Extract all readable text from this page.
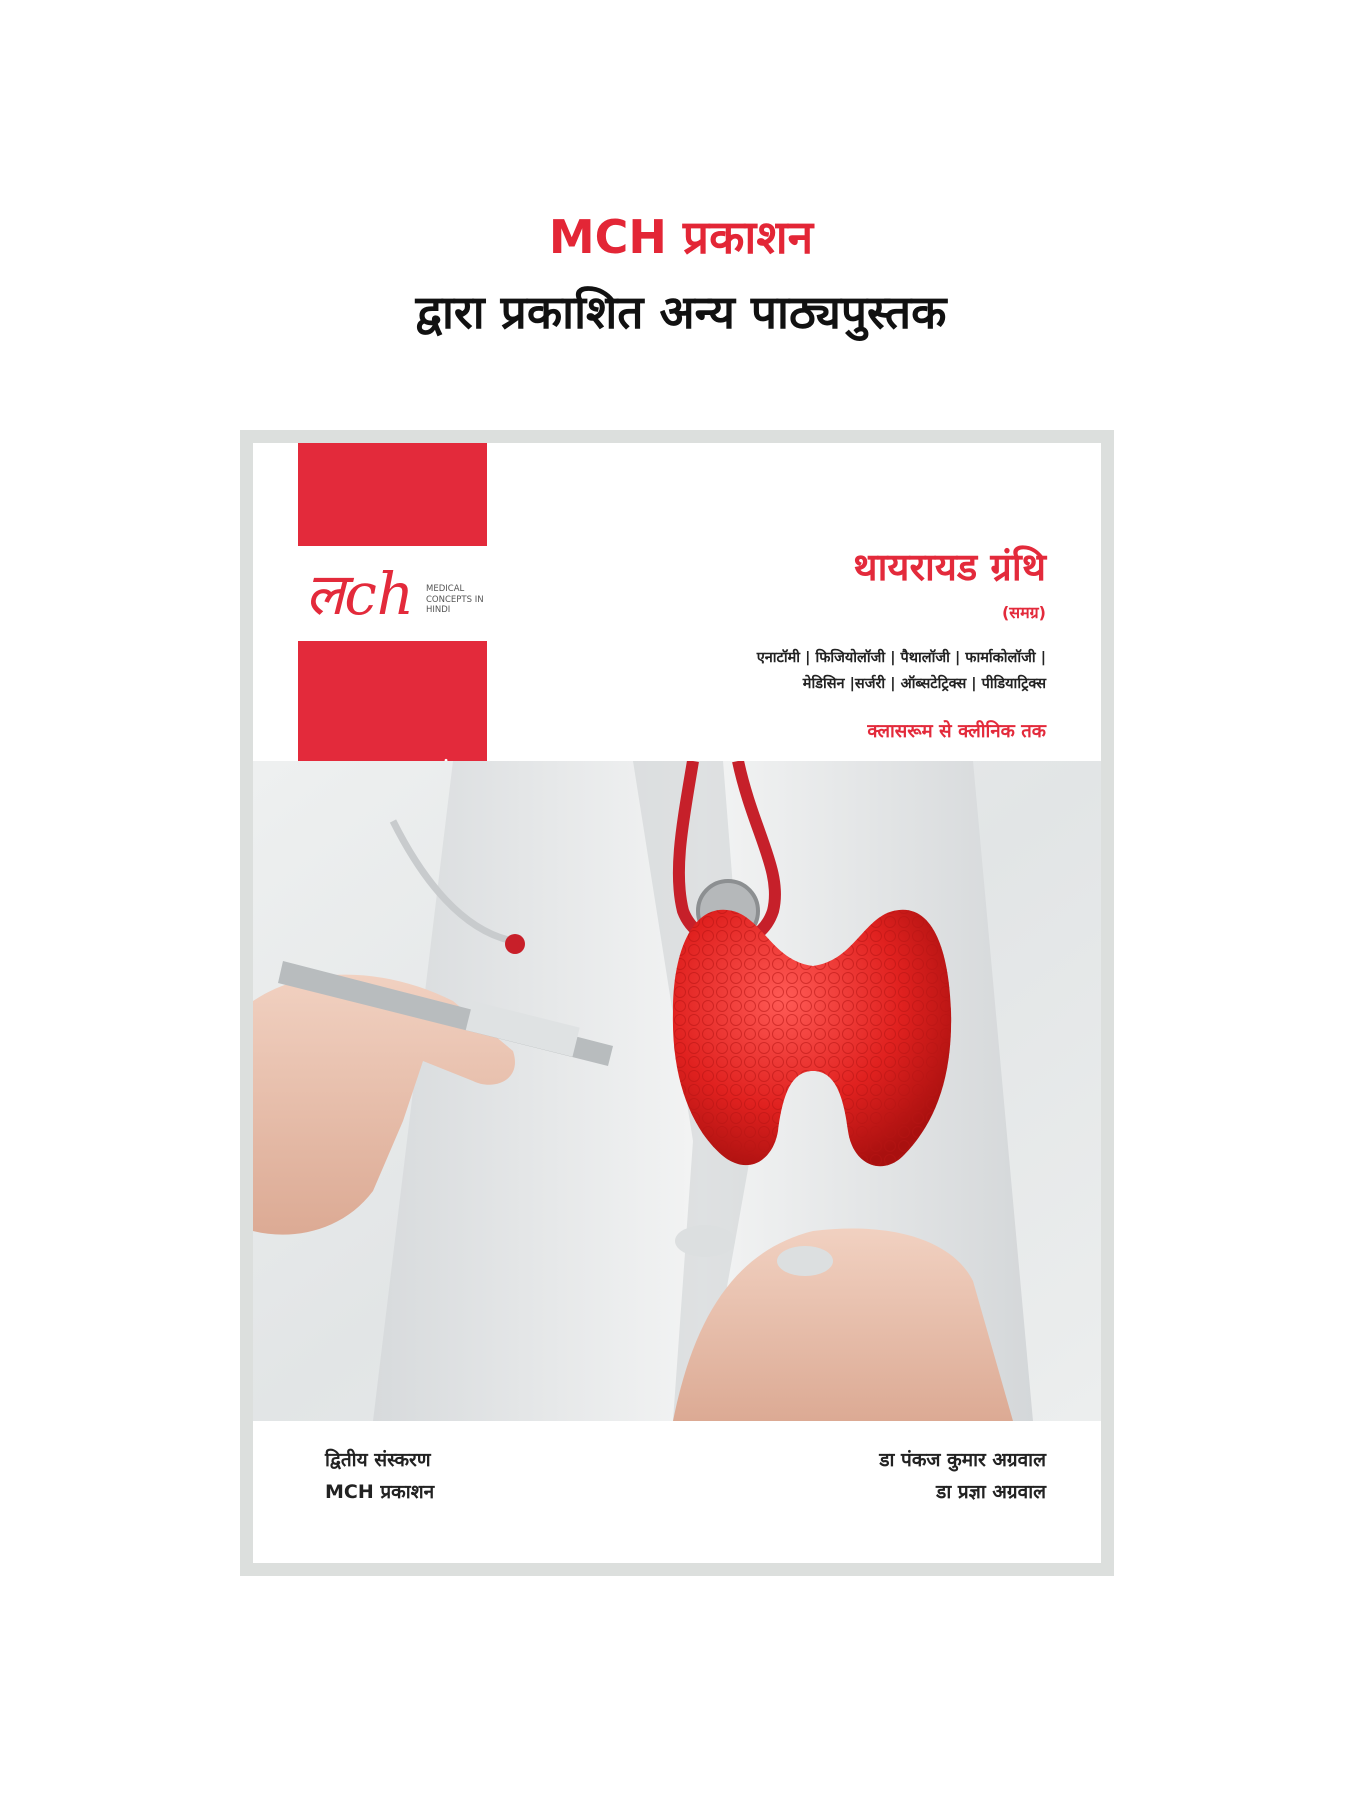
MCH प्रकाशन
द्वारा प्रकाशित अन्य पाठ्यपुस्तक
लch MEDICAL CONCEPTS IN HINDI
थायरायड ग्रंथि
(समग्र)
एनाटॉमी | फिजियोलॉजी | पैथालॉजी | फार्माकोलॉजी |
मेडिसिन |सर्जरी | ऑब्सटेट्रिक्स | पीडियाट्रिक्स
क्लासरूम से क्लीनिक तक
द्वितीय संस्करण
MCH प्रकाशन
डा पंकज कुमार अग्रवाल
डा प्रज्ञा अग्रवाल
